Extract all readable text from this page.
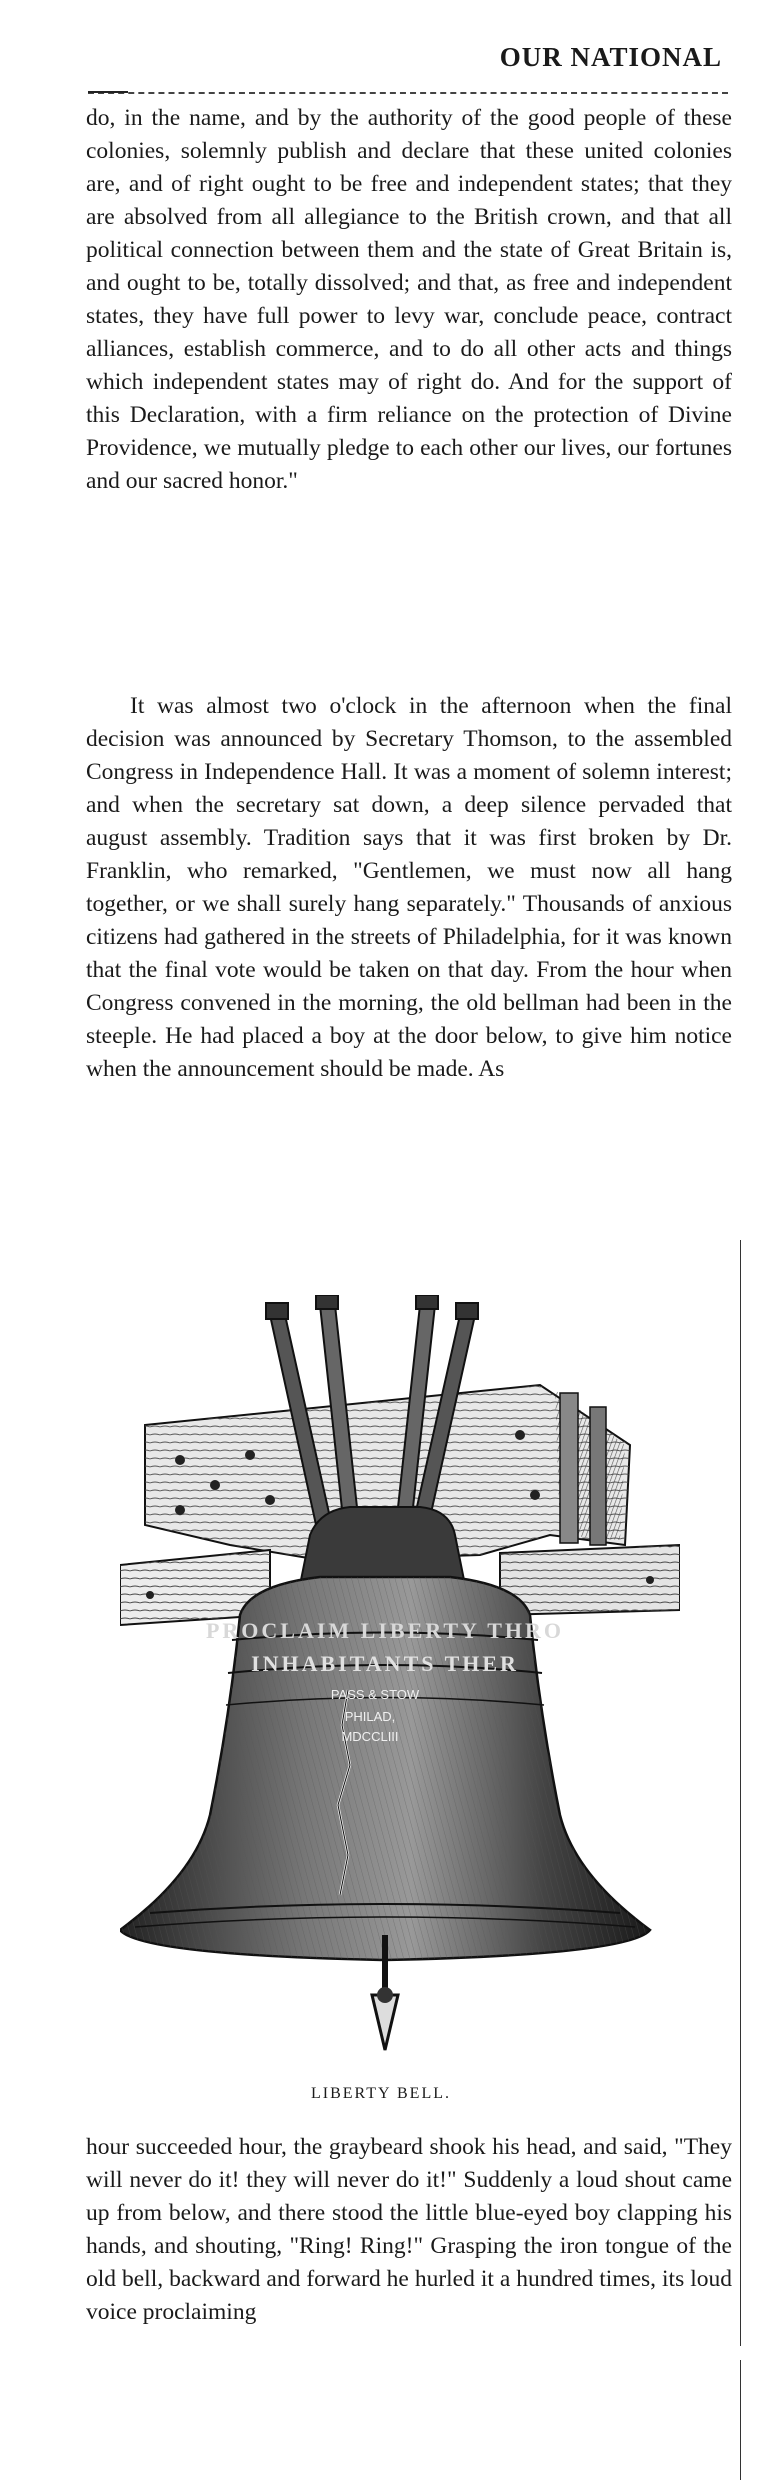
OUR NATIONAL

do, in the name, and by the authority of the good people of these colonies, solemnly publish and declare that these united colonies are, and of right ought to be free and independent states; that they are absolved from all allegiance to the British crown, and that all political connection between them and the state of Great Britain is, and ought to be, totally dissolved; and that, as free and independent states, they have full power to levy war, conclude peace, contract alliances, establish commerce, and to do all other acts and things which independent states may of right do. And for the support of this Declaration, with a firm reliance on the protection of Divine Providence, we mutually pledge to each other our lives, our fortunes and our sacred honor."

It was almost two o'clock in the afternoon when the final decision was announced by Secretary Thomson, to the assembled Congress in Independence Hall. It was a moment of solemn interest; and when the secretary sat down, a deep silence pervaded that august assembly. Tradition says that it was first broken by Dr. Franklin, who remarked, "Gentlemen, we must now all hang together, or we shall surely hang separately." Thousands of anxious citizens had gathered in the streets of Philadelphia, for it was known that the final vote would be taken on that day. From the hour when Congress convened in the morning, the old bellman had been in the steeple. He had placed a boy at the door below, to give him notice when the announcement should be made. As

PROCLAIM LIBERTY THRO
INHABITANTS THER
PASS & STOW
PHILAD,
MDCCLIII
LIBERTY BELL.

hour succeeded hour, the graybeard shook his head, and said, "They will never do it! they will never do it!" Suddenly a loud shout came up from below, and there stood the little blue-eyed boy clapping his hands, and shouting, "Ring! Ring!" Grasping the iron tongue of the old bell, backward and forward he hurled it a hundred times, its loud voice proclaiming
